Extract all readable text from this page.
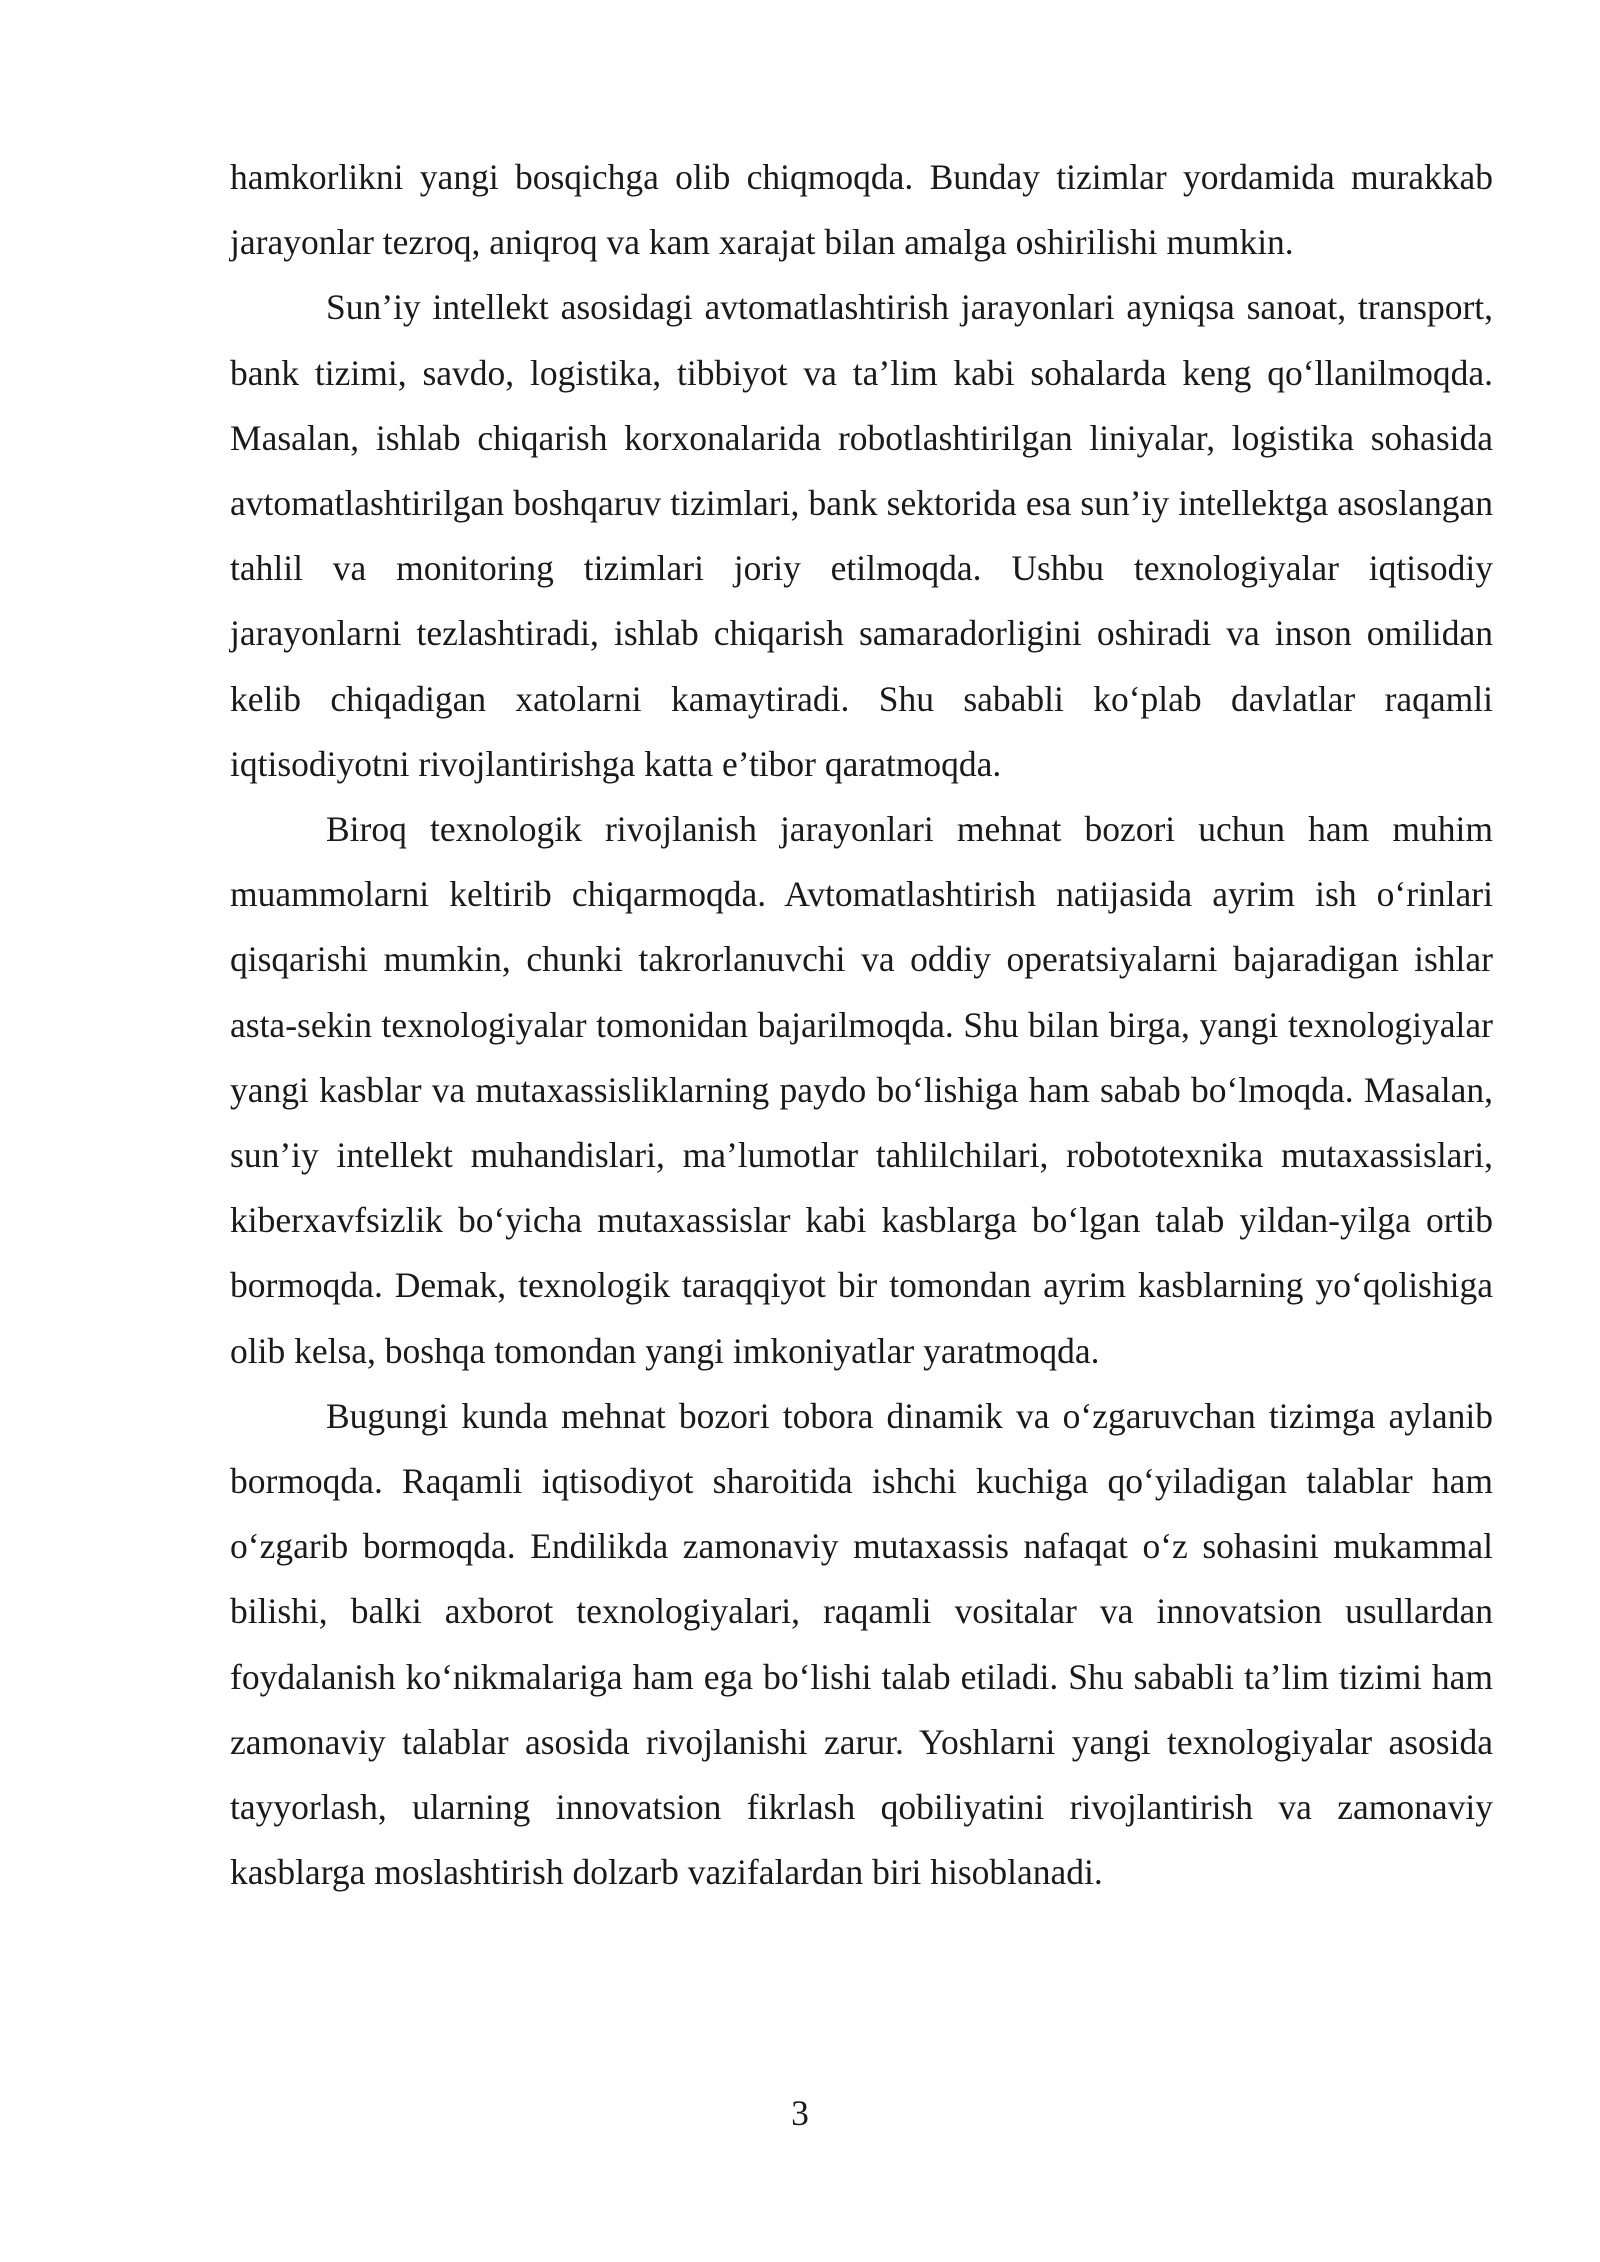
hamkorlikni yangi bosqichga olib chiqmoqda. Bunday tizimlar yordamida murakkab jarayonlar tezroq, aniqroq va kam xarajat bilan amalga oshirilishi mumkin.

Sun’iy intellekt asosidagi avtomatlashtirish jarayonlari ayniqsa sanoat, transport, bank tizimi, savdo, logistika, tibbiyot va ta’lim kabi sohalarda keng qo‘llanilmoqda. Masalan, ishlab chiqarish korxonalarida robotlashtirilgan liniyalar, logistika sohasida avtomatlashtirilgan boshqaruv tizimlari, bank sektorida esa sun’iy intellektga asoslangan tahlil va monitoring tizimlari joriy etilmoqda. Ushbu texnologiyalar iqtisodiy jarayonlarni tezlashtiradi, ishlab chiqarish samaradorligini oshiradi va inson omilidan kelib chiqadigan xatolarni kamaytiradi. Shu sababli ko‘plab davlatlar raqamli iqtisodiyotni rivojlantirishga katta e’tibor qaratmoqda.

Biroq texnologik rivojlanish jarayonlari mehnat bozori uchun ham muhim muammolarni keltirib chiqarmoqda. Avtomatlashtirish natijasida ayrim ish o‘rinlari qisqarishi mumkin, chunki takrorlanuvchi va oddiy operatsiyalarni bajaradigan ishlar asta-sekin texnologiyalar tomonidan bajarilmoqda. Shu bilan birga, yangi texnologiyalar yangi kasblar va mutaxassisliklarning paydo bo‘lishiga ham sabab bo‘lmoqda. Masalan, sun’iy intellekt muhandislari, ma’lumotlar tahlilchilari, robototexnika mutaxassislari, kiberxavfsizlik bo‘yicha mutaxassislar kabi kasblarga bo‘lgan talab yildan-yilga ortib bormoqda. Demak, texnologik taraqqiyot bir tomondan ayrim kasblarning yo‘qolishiga olib kelsa, boshqa tomondan yangi imkoniyatlar yaratmoqda.

Bugungi kunda mehnat bozori tobora dinamik va o‘zgaruvchan tizimga aylanib bormoqda. Raqamli iqtisodiyot sharoitida ishchi kuchiga qo‘yiladigan talablar ham o‘zgarib bormoqda. Endilikda zamonaviy mutaxassis nafaqat o‘z sohasini mukammal bilishi, balki axborot texnologiyalari, raqamli vositalar va innovatsion usullardan foydalanish ko‘nikmalariga ham ega bo‘lishi talab etiladi. Shu sababli ta’lim tizimi ham zamonaviy talablar asosida rivojlanishi zarur. Yoshlarni yangi texnologiyalar asosida tayyorlash, ularning innovatsion fikrlash qobiliyatini rivojlantirish va zamonaviy kasblarga moslashtirish dolzarb vazifalardan biri hisoblanadi.

3
